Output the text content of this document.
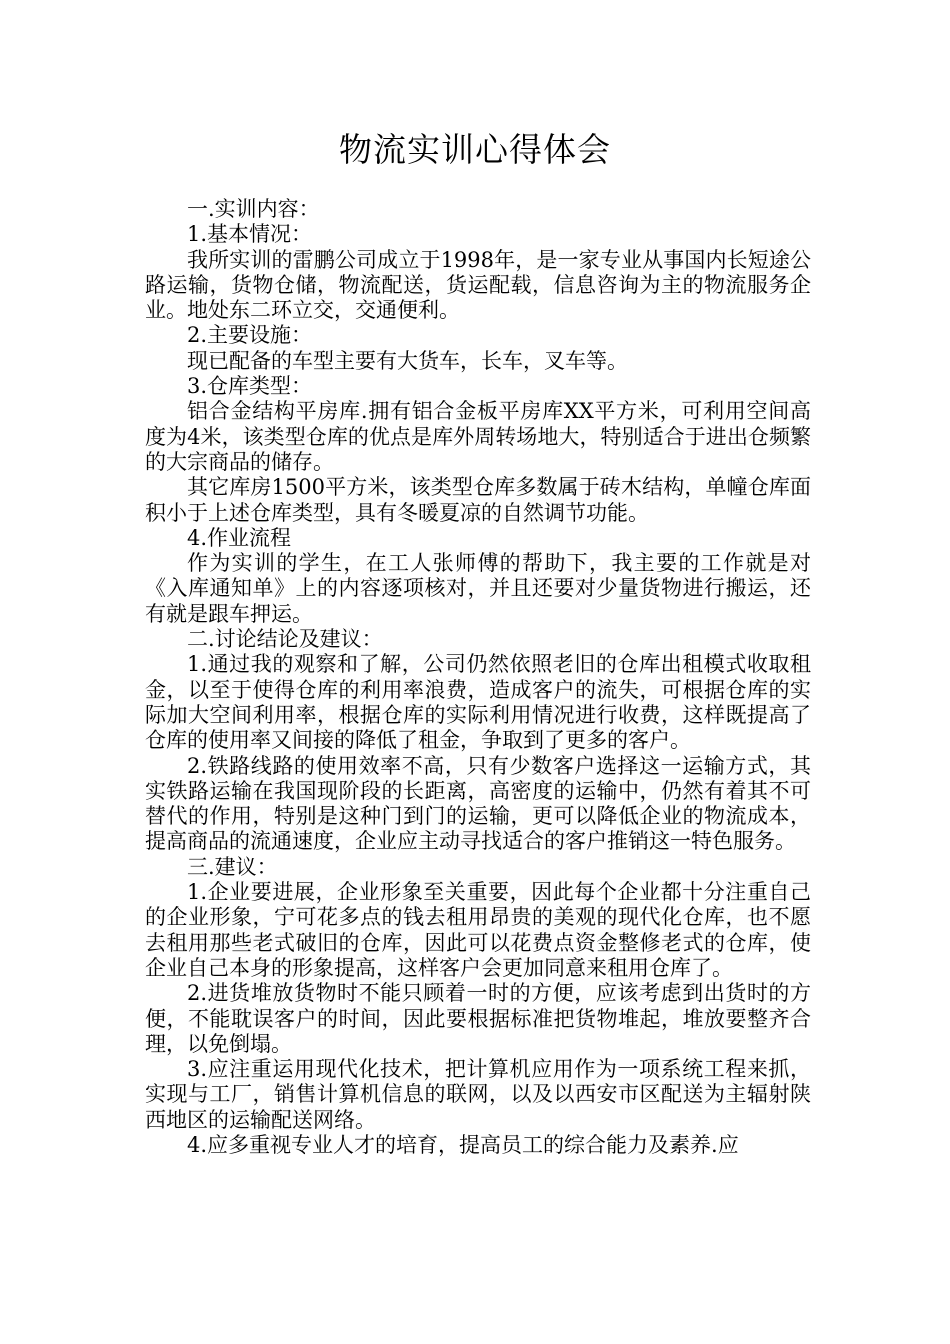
物流实训心得体会

一.实训内容：

1.基本情况：

我所实训的雷鹏公司成立于1998年，是一家专业从事国内长短途公路运输，货物仓储，物流配送，货运配载，信息咨询为主的物流服务企业。地处东二环立交，交通便利。

2.主要设施：

现已配备的车型主要有大货车，长车，叉车等。

3.仓库类型：

铝合金结构平房库.拥有铝合金板平房库XX平方米，可利用空间高度为4米，该类型仓库的优点是库外周转场地大，特别适合于进出仓频繁的大宗商品的储存。

其它库房1500平方米，该类型仓库多数属于砖木结构，单幢仓库面积小于上述仓库类型，具有冬暖夏凉的自然调节功能。

4.作业流程

作为实训的学生，在工人张师傅的帮助下，我主要的工作就是对《入库通知单》上的内容逐项核对，并且还要对少量货物进行搬运，还有就是跟车押运。

二.讨论结论及建议：

1.通过我的观察和了解，公司仍然依照老旧的仓库出租模式收取租金，以至于使得仓库的利用率浪费，造成客户的流失，可根据仓库的实际加大空间利用率，根据仓库的实际利用情况进行收费，这样既提高了仓库的使用率又间接的降低了租金，争取到了更多的客户。

2.铁路线路的使用效率不高，只有少数客户选择这一运输方式，其实铁路运输在我国现阶段的长距离，高密度的运输中，仍然有着其不可替代的作用，特别是这种门到门的运输，更可以降低企业的物流成本，提高商品的流通速度，企业应主动寻找适合的客户推销这一特色服务。

三.建议：

1.企业要进展，企业形象至关重要，因此每个企业都十分注重自己的企业形象，宁可花多点的钱去租用昂贵的美观的现代化仓库，也不愿去租用那些老式破旧的仓库，因此可以花费点资金整修老式的仓库，使企业自己本身的形象提高，这样客户会更加同意来租用仓库了。

2.进货堆放货物时不能只顾着一时的方便，应该考虑到出货时的方便，不能耽误客户的时间，因此要根据标准把货物堆起，堆放要整齐合理，以免倒塌。

3.应注重运用现代化技术，把计算机应用作为一项系统工程来抓，实现与工厂，销售计算机信息的联网，以及以西安市区配送为主辐射陕西地区的运输配送网络。

4.应多重视专业人才的培育，提高员工的综合能力及素养.应
